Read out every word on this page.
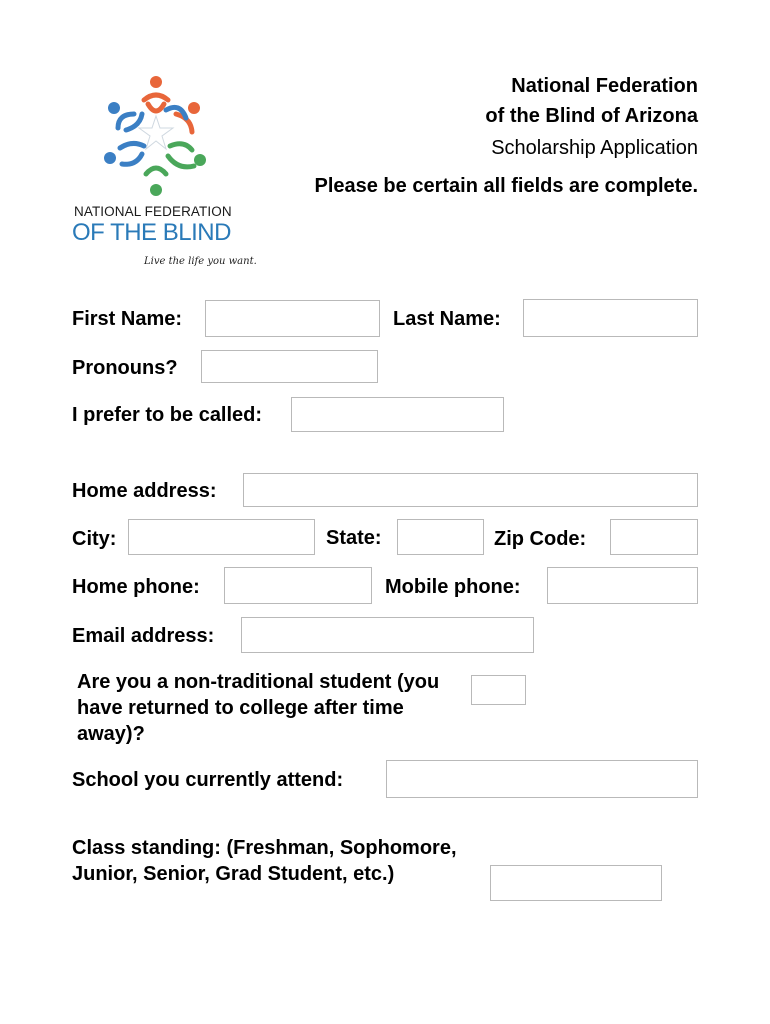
NATIONAL FEDERATION
OF THE BLIND
Live the life you want.
National Federation
of the Blind of Arizona
Scholarship Application
Please be certain all fields are complete.
First Name:	Last Name:
Pronouns?
I prefer to be called:
Home address:
City:	State:	Zip Code:
Home phone:	Mobile phone:
Email address:
Are you a non-traditional student (you have returned to college after time away)?
School you currently attend:
Class standing: (Freshman, Sophomore, Junior, Senior, Grad Student, etc.)
